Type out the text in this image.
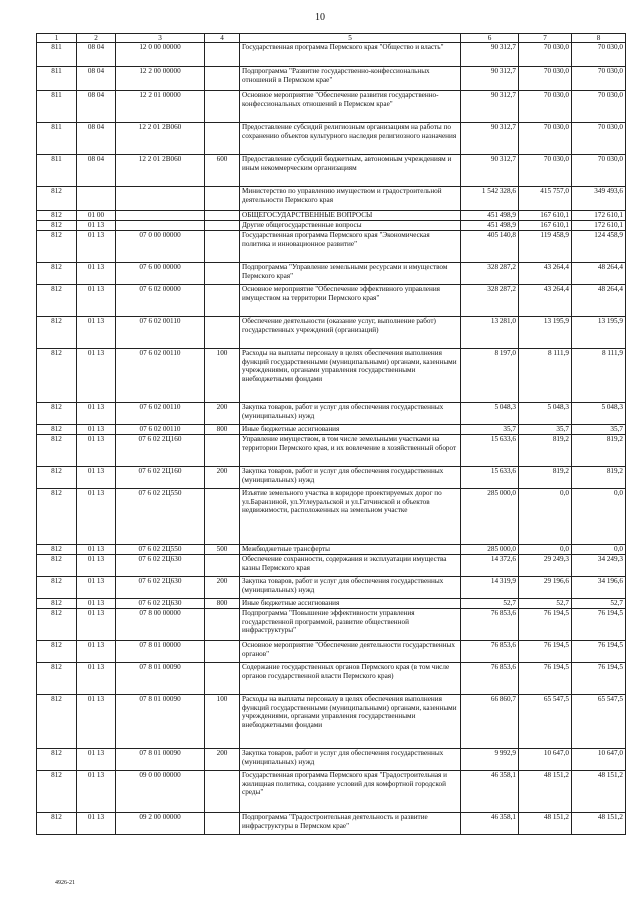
10
1	2	3	4	5	6	7	8
811	08 04	12 0 00 00000		Государственная программа Пермского края "Общество и власть"	90 312,7	70 030,0	70 030,0
811	08 04	12 2 00 00000		Подпрограмма "Развитие государственно-конфессиональных отношений в Пермском крае"	90 312,7	70 030,0	70 030,0
811	08 04	12 2 01 00000		Основное мероприятие "Обеспечение развития государственно-конфессиональных отношений в Пермском крае"	90 312,7	70 030,0	70 030,0
811	08 04	12 2 01 2В060		Предоставление субсидий религиозным организациям на работы по сохранению объектов культурного наследия религиозного назначения	90 312,7	70 030,0	70 030,0
811	08 04	12 2 01 2В060	600	Предоставление субсидий бюджетным, автономным учреждениям и иным некоммерческим организациям	90 312,7	70 030,0	70 030,0
812				Министерство по управлению имуществом и градостроительной деятельности Пермского края	1 542 328,6	415 757,0	349 493,6
812	01 00			ОБЩЕГОСУДАРСТВЕННЫЕ ВОПРОСЫ	451 498,9	167 610,1	172 610,1
812	01 13			Другие общегосударственные вопросы	451 498,9	167 610,1	172 610,1
812	01 13	07 0 00 00000		Государственная программа Пермского края "Экономическая политика и инновационное развитие"	405 140,8	119 458,9	124 458,9
812	01 13	07 6 00 00000		Подпрограмма "Управление земельными ресурсами и имуществом Пермского края"	328 287,2	43 264,4	48 264,4
812	01 13	07 6 02 00000		Основное мероприятие "Обеспечение эффективного управления имуществом на территории Пермского края"	328 287,2	43 264,4	48 264,4
812	01 13	07 6 02 00110		Обеспечение деятельности (оказание услуг, выполнение работ) государственных учреждений (организаций)	13 281,0	13 195,9	13 195,9
812	01 13	07 6 02 00110	100	Расходы на выплаты персоналу в целях обеспечения выполнения функций государственными (муниципальными) органами, казенными учреждениями, органами управления государственными внебюджетными фондами	8 197,0	8 111,9	8 111,9
812	01 13	07 6 02 00110	200	Закупка товаров, работ и услуг для обеспечения государственных (муниципальных) нужд	5 048,3	5 048,3	5 048,3
812	01 13	07 6 02 00110	800	Иные бюджетные ассигнования	35,7	35,7	35,7
812	01 13	07 6 02 2Ц160		Управление имуществом, в том числе земельными участками на территории Пермского края, и их вовлечение в хозяйственный оборот	15 633,6	819,2	819,2
812	01 13	07 6 02 2Ц160	200	Закупка товаров, работ и услуг для обеспечения государственных (муниципальных) нужд	15 633,6	819,2	819,2
812	01 13	07 6 02 2Ц550		Изъятие земельного участка в коридоре проектируемых дорог по ул.Баранзиной, ул.Углеуральской и ул.Гатчинской и объектов недвижимости, расположенных на земельном участке	285 000,0	0,0	0,0
812	01 13	07 6 02 2Ц550	500	Межбюджетные трансферты	285 000,0	0,0	0,0
812	01 13	07 6 02 2Ц630		Обеспечение сохранности, содержания и эксплуатации имущества казны Пермского края	14 372,6	29 249,3	34 249,3
812	01 13	07 6 02 2Ц630	200	Закупка товаров, работ и услуг для обеспечения государственных (муниципальных) нужд	14 319,9	29 196,6	34 196,6
812	01 13	07 6 02 2Ц630	800	Иные бюджетные ассигнования	52,7	52,7	52,7
812	01 13	07 8 00 00000		Подпрограмма "Повышение эффективности управления государственной программой, развитие общественной инфраструктуры"	76 853,6	76 194,5	76 194,5
812	01 13	07 8 01 00000		Основное мероприятие "Обеспечение деятельности государственных органов"	76 853,6	76 194,5	76 194,5
812	01 13	07 8 01 00090		Содержание государственных органов Пермского края (в том числе органов государственной власти Пермского края)	76 853,6	76 194,5	76 194,5
812	01 13	07 8 01 00090	100	Расходы на выплаты персоналу в целях обеспечения выполнения функций государственными (муниципальными) органами, казенными учреждениями, органами управления государственными внебюджетными фондами	66 860,7	65 547,5	65 547,5
812	01 13	07 8 01 00090	200	Закупка товаров, работ и услуг для обеспечения государственных (муниципальных) нужд	9 992,9	10 647,0	10 647,0
812	01 13	09 0 00 00000		Государственная программа Пермского края "Градостроительная и жилищная политика, создание условий для комфортной городской среды"	46 358,1	48 151,2	48 151,2
812	01 13	09 2 00 00000		Подпрограмма "Градостроительная деятельность и развитие инфраструктуры в Пермском крае"	46 358,1	48 151,2	48 151,2
4926-21
